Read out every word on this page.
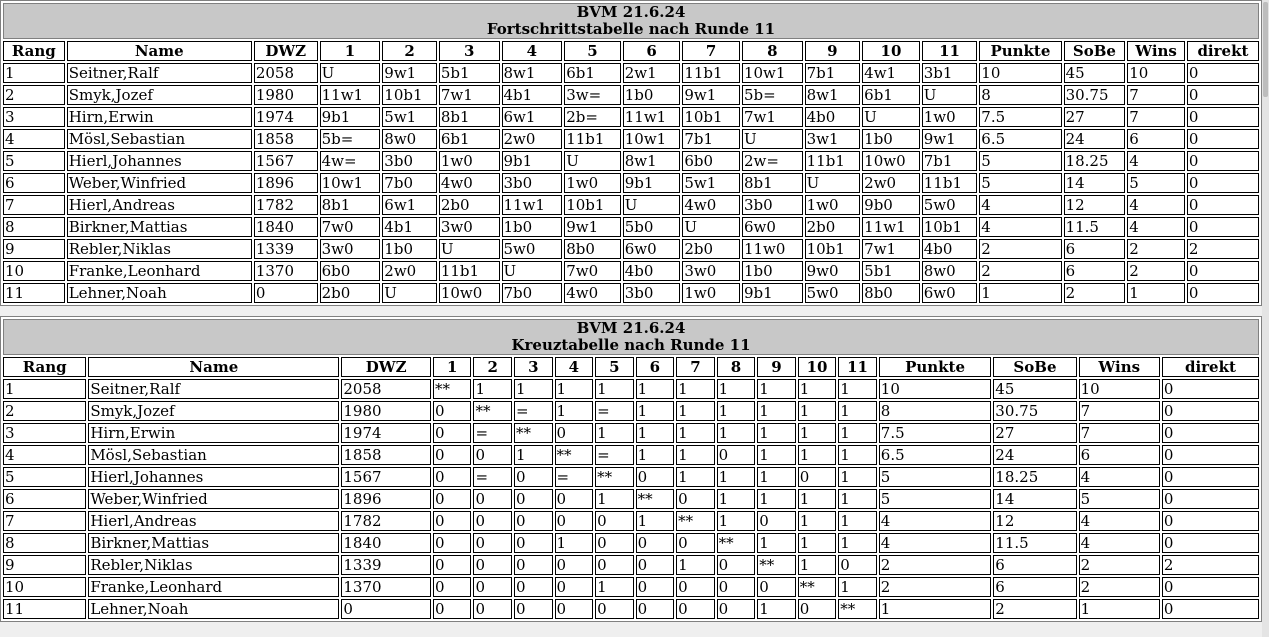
BVM 21.6.24
Fortschrittstabelle nach Runde 11																	

Rang	Name	DWZ	1	2	3	4	5	6	7	8	9	10	11	Punkte	SoBe	Wins	direkt
1	Seitner,Ralf	2058	U	9w1	5b1	8w1	6b1	2w1	11b1	10w1	7b1	4w1	3b1	10	45	10	0
2	Smyk,Jozef	1980	11w1	10b1	7w1	4b1	3w=	1b0	9w1	5b=	8w1	6b1	U	8	30.75	7	0
3	Hirn,Erwin	1974	9b1	5w1	8b1	6w1	2b=	11w1	10b1	7w1	4b0	U	1w0	7.5	27	7	0
4	Mösl,Sebastian	1858	5b=	8w0	6b1	2w0	11b1	10w1	7b1	U	3w1	1b0	9w1	6.5	24	6	0
5	Hierl,Johannes	1567	4w=	3b0	1w0	9b1	U	8w1	6b0	2w=	11b1	10w0	7b1	5	18.25	4	0
6	Weber,Winfried	1896	10w1	7b0	4w0	3b0	1w0	9b1	5w1	8b1	U	2w0	11b1	5	14	5	0
7	Hierl,Andreas	1782	8b1	6w1	2b0	11w1	10b1	U	4w0	3b0	1w0	9b0	5w0	4	12	4	0
8	Birkner,Mattias	1840	7w0	4b1	3w0	1b0	9w1	5b0	U	6w0	2b0	11w1	10b1	4	11.5	4	0
9	Rebler,Niklas	1339	3w0	1b0	U	5w0	8b0	6w0	2b0	11w0	10b1	7w1	4b0	2	6	2	2
10	Franke,Leonhard	1370	6b0	2w0	11b1	U	7w0	4b0	3w0	1b0	9w0	5b1	8w0	2	6	2	0
11	Lehner,Noah	0	2b0	U	10w0	7b0	4w0	3b0	1w0	9b1	5w0	8b0	6w0	1	2	1	0
BVM 21.6.24
Kreuztabelle nach Runde 11																	

Rang	Name	DWZ	1	2	3	4	5	6	7	8	9	10	11	Punkte	SoBe	Wins	direkt
1	Seitner,Ralf	2058	**	1	1	1	1	1	1	1	1	1	1	10	45	10	0
2	Smyk,Jozef	1980	0	**	=	1	=	1	1	1	1	1	1	8	30.75	7	0
3	Hirn,Erwin	1974	0	=	**	0	1	1	1	1	1	1	1	7.5	27	7	0
4	Mösl,Sebastian	1858	0	0	1	**	=	1	1	0	1	1	1	6.5	24	6	0
5	Hierl,Johannes	1567	0	=	0	=	**	0	1	1	1	0	1	5	18.25	4	0
6	Weber,Winfried	1896	0	0	0	0	1	**	0	1	1	1	1	5	14	5	0
7	Hierl,Andreas	1782	0	0	0	0	0	1	**	1	0	1	1	4	12	4	0
8	Birkner,Mattias	1840	0	0	0	1	0	0	0	**	1	1	1	4	11.5	4	0
9	Rebler,Niklas	1339	0	0	0	0	0	0	1	0	**	1	0	2	6	2	2
10	Franke,Leonhard	1370	0	0	0	0	1	0	0	0	0	**	1	2	6	2	0
11	Lehner,Noah	0	0	0	0	0	0	0	0	0	1	0	**	1	2	1	0
